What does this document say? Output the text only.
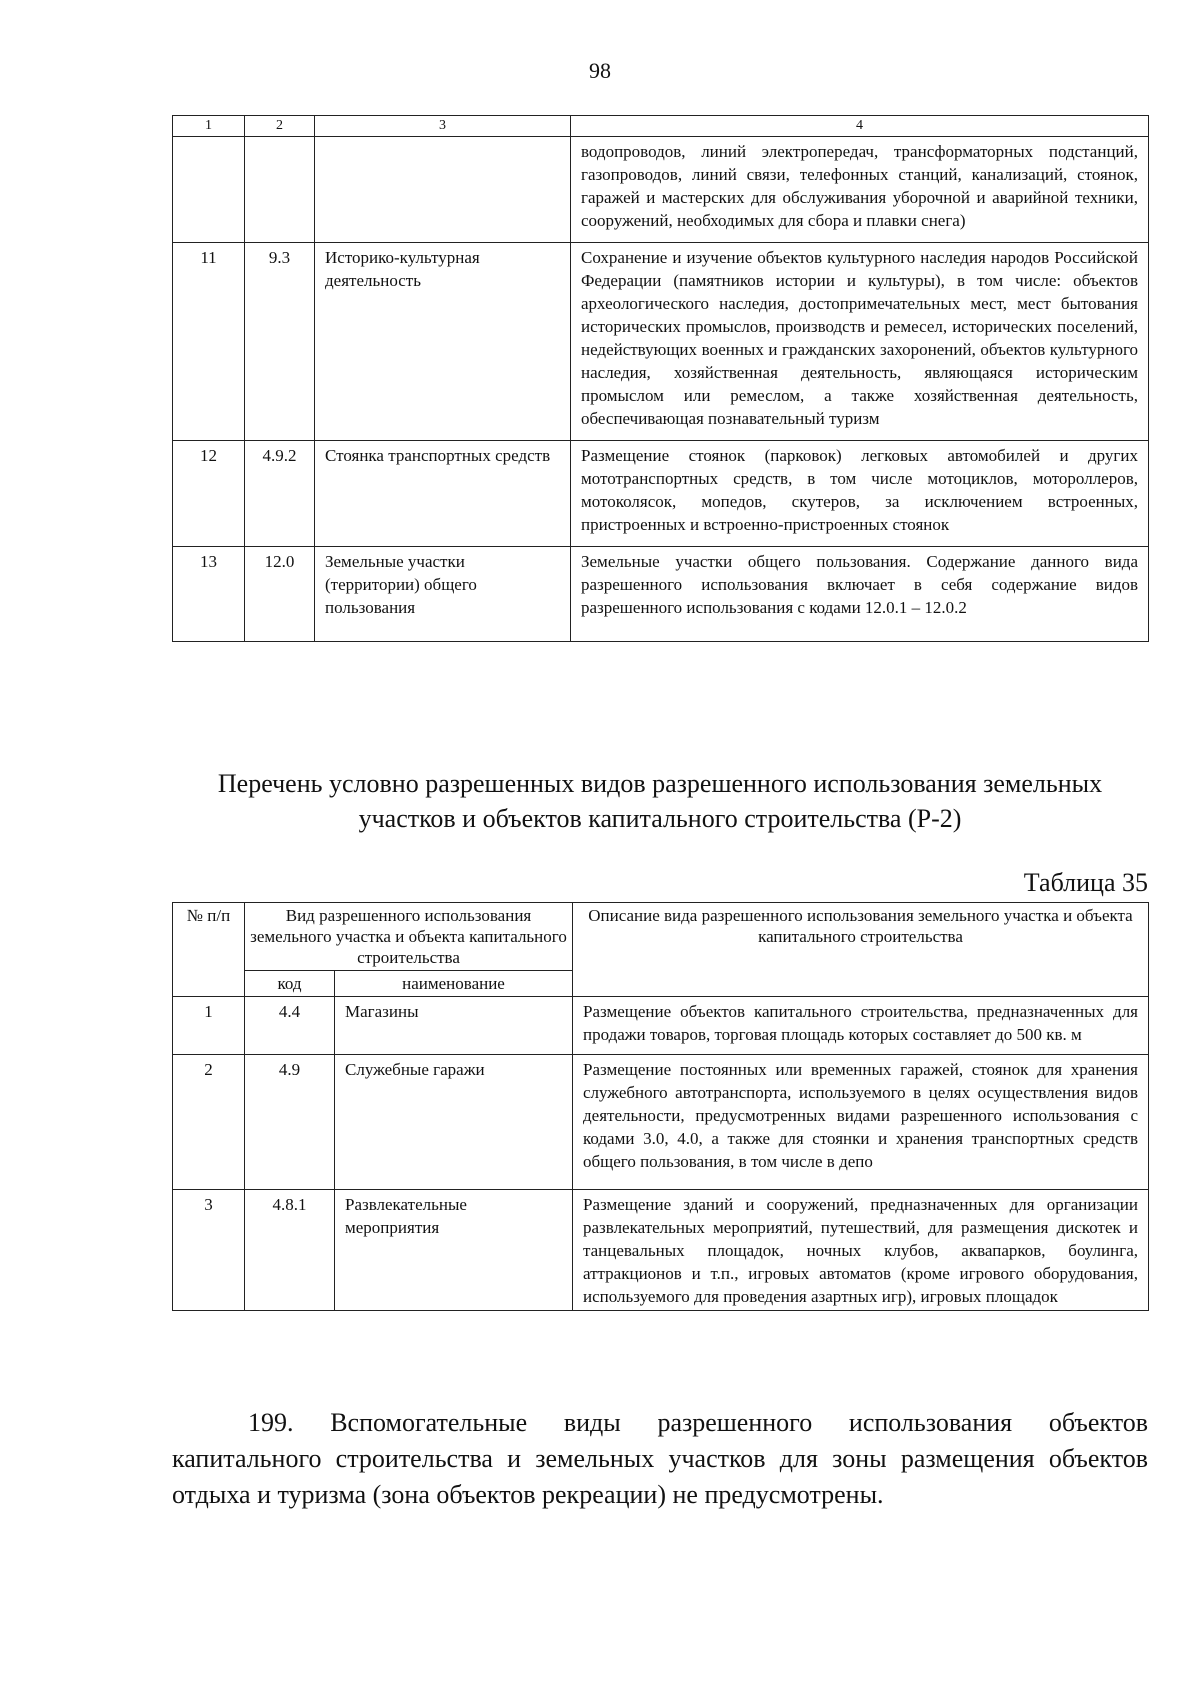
98
1	2	3	4
			водопроводов, линий электропередач, трансформаторных подстанций, газопроводов, линий связи, телефонных станций, канализаций, стоянок, гаражей и мастерских для обслуживания уборочной и аварийной техники, сооружений, необходимых для сбора и плавки снега)
11	9.3	Историко-культурная деятельность	Сохранение и изучение объектов культурного наследия народов Российской Федерации (памятников истории и культуры), в том числе: объектов археологического наследия, достопримечательных мест, мест бытования исторических промыслов, производств и ремесел, исторических поселений, недействующих военных и гражданских захоронений, объектов культурного наследия, хозяйственная деятельность, являющаяся историческим промыслом или ремеслом, а также хозяйственная деятельность, обеспечивающая познавательный туризм
12	4.9.2	Стоянка транспортных средств	Размещение стоянок (парковок) легковых автомобилей и других мототранспортных средств, в том числе мотоциклов, мотороллеров, мотоколясок, мопедов, скутеров, за исключением встроенных, пристроенных и встроенно-пристроенных стоянок
13	12.0	Земельные участки (территории) общего пользования	Земельные участки общего пользования. Содержание данного вида разрешенного использования включает в себя содержание видов разрешенного использования с кодами 12.0.1 – 12.0.2
Перечень условно разрешенных видов разрешенного использования земельных участков и объектов капитального строительства (Р-2)
Таблица 35
№ п/п	Вид разрешенного использования земельного участка и объекта капитального строительства		Описание вида разрешенного использования земельного участка и объекта капитального строительства
	код	наименование	
1	4.4	Магазины	Размещение объектов капитального строительства, предназначенных для продажи товаров, торговая площадь которых составляет до 500 кв. м
2	4.9	Служебные гаражи	Размещение постоянных или временных гаражей, стоянок для хранения служебного автотранспорта, используемого в целях осуществления видов деятельности, предусмотренных видами разрешенного использования с кодами 3.0, 4.0, а также для стоянки и хранения транспортных средств общего пользования, в том числе в депо
3	4.8.1	Развлекательные мероприятия	Размещение зданий и сооружений, предназначенных для организации развлекательных мероприятий, путешествий, для размещения дискотек и танцевальных площадок, ночных клубов, аквапарков, боулинга, аттракционов и т.п., игровых автоматов (кроме игрового оборудования, используемого для проведения азартных игр), игровых площадок
199. Вспомогательные виды разрешенного использования объектов капитального строительства и земельных участков для зоны размещения объектов отдыха и туризма (зона объектов рекреации) не предусмотрены.
